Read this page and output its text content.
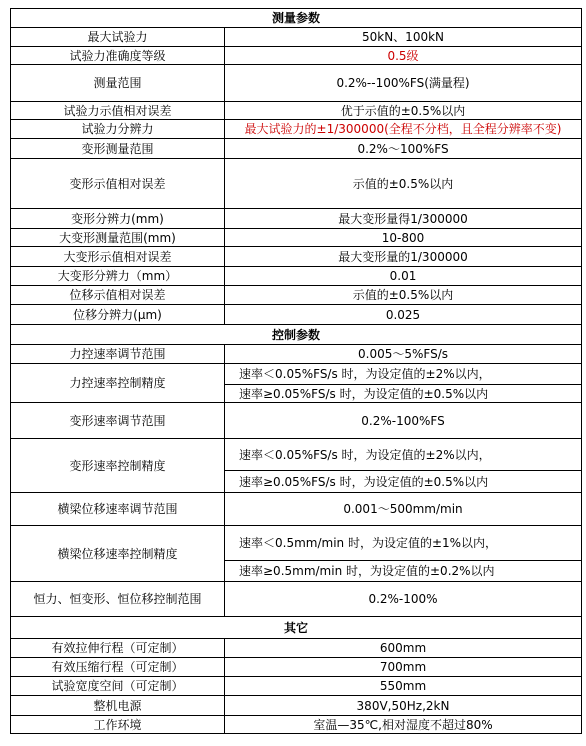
测量参数	
最大试验力	50kN、100kN
试验力准确度等级	0.5级
测量范围	0.2%--100%FS(满量程)
试验力示值相对误差	优于示值的±0.5%以内
试验力分辨力	最大试验力的±1/300000(全程不分档，且全程分辨率不变)
变形测量范围	0.2%～100%FS
变形示值相对误差	示值的±0.5%以内
变形分辨力(mm)	最大变形量得1/300000
大变形测量范围(mm)	10-800
大变形示值相对误差	最大变形量的1/300000
大变形分辨力（mm）	0.01
位移示值相对误差	示值的±0.5%以内
位移分辨力(μm)	0.025
控制参数	
力控速率调节范围	0.005～5%FS/s
力控速率控制精度	速率＜0.05%FS/s 时，为设定值的±2%以内，
	速率≥0.05%FS/s 时，为设定值的±0.5%以内
变形速率调节范围	0.2%-100%FS
变形速率控制精度	速率＜0.05%FS/s 时，为设定值的±2%以内，
	速率≥0.05%FS/s 时，为设定值的±0.5%以内
横梁位移速率调节范围	0.001～500mm/min
横梁位移速率控制精度	速率＜0.5mm/min 时，为设定值的±1%以内，
	速率≥0.5mm/min 时，为设定值的±0.2%以内
恒力、恒变形、恒位移控制范围	0.2%-100%
其它	
有效拉伸行程（可定制）	600mm
有效压缩行程（可定制）	700mm
试验宽度空间（可定制）	550mm
整机电源	380V,50Hz,2kN
工作环境	室温—35℃,相对湿度不超过80%
